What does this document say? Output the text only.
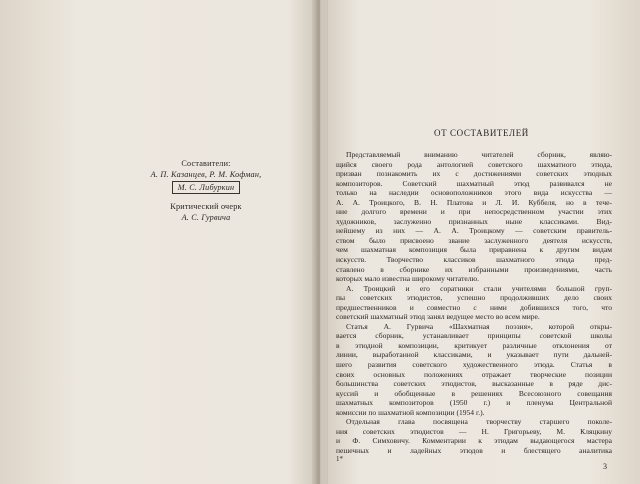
Составители:
А. П. Казанцев, Р. М. Кофман,
М. С. Либуркин
Критический очерк
А. С. Гурвича
ОТ СОСТАВИТЕЛЕЙ
Представляемый вниманию читателей сборник, являю-
щийся своего рода антологией советского шахматного этюда,
призван познакомить их с достижениями советских этюдных
композиторов. Советский шахматный этюд развивался не
только на наследии основоположников этого вида искусства —
А. А. Троицкого, В. Н. Платова и Л. И. Куббеля, но в тече-
ние долгого времени и при непосредственном участии этих
художников, заслуженно признанных ныне классиками. Вид-
нейшему из них — А. А. Троицкому — советским правитель-
ством было присвоено звание заслуженного деятеля искусств,
чем шахматная композиция была приравнена к другим видам
искусств. Творчество классиков шахматного этюда пред-
ставлено в сборнике их избранными произведениями, часть
которых мало известна широкому читателю.
А. Троицкий и его соратники стали учителями большой груп-
пы советских этюдистов, успешно продолживших дело своих
предшественников и совместно с ними добившихся того, что
советский шахматный этюд занял ведущее место во всем мире.
Статья А. Гурвича «Шахматная поэзия», которой откры-
вается сборник, устанавливает принципы советской школы
в этюдной композиции, критикует различные отклонения от
линии, выработанной классиками, и указывает пути дальней-
шего развития советского художественного этюда. Статья в
своих основных положениях отражает творческие позиции
большинства советских этюдистов, высказанные в ряде дис-
куссий и обобщенные в решениях Всесоюзного совещания
шахматных композиторов (1950 г.) и пленума Центральной
комиссии по шахматной композиции (1954 г.).
Отдельная глава посвящена творчеству старшего поколе-
ния советских этюдистов — Н. Григорьеву, М. Кляцкину
и Ф. Симховичу. Комментарии к этюдам выдающегося мастера
пешечных и ладейных этюдов и блестящего аналитика
1*
3
